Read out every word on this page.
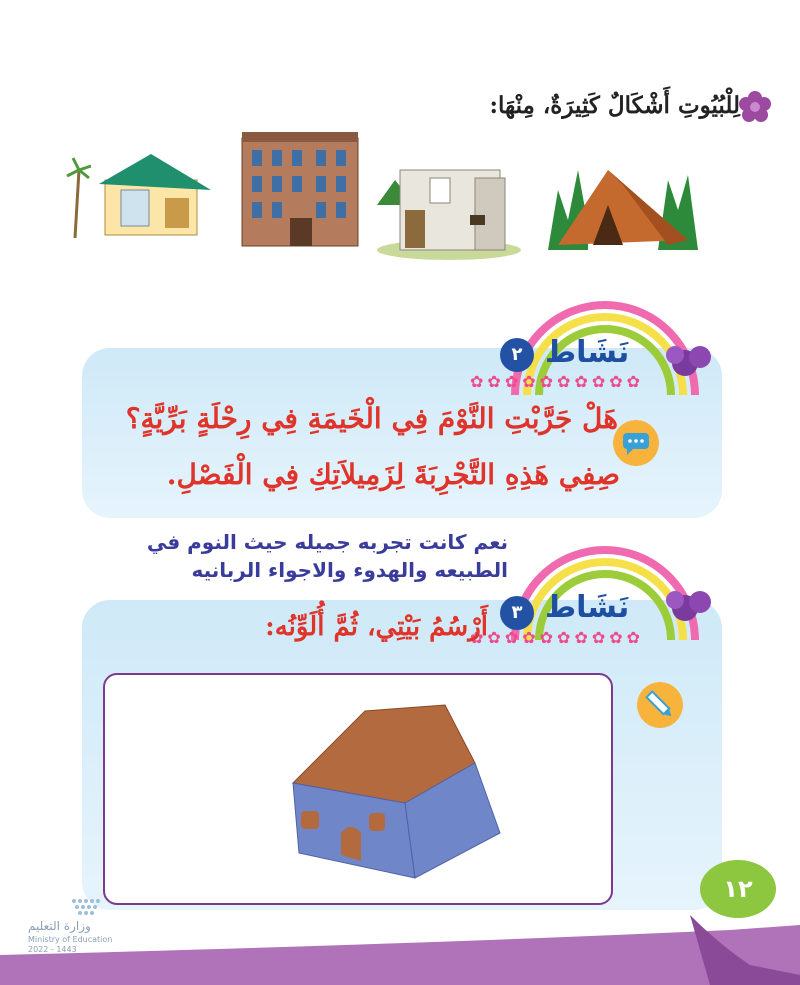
لِلْبُيُوتِ أَشْكَالٌ كَثِيرَةٌ، مِنْهَا:
نَشَاط
٢
✿✿✿✿✿✿✿✿✿✿
هَلْ جَرَّبْتِ النَّوْمَ فِي الْخَيمَةِ فِي رِحْلَةٍ بَرِّيَّةٍ؟
صِفِي هَذِهِ التَّجْرِبَةَ لِزَمِيلاَتِكِ فِي الْفَصْلِ.
نعم كانت تجربه جميله حيث النوم في
الطبيعه والهدوء والاجواء الربانيه
نَشَاط
٣
✿✿✿✿✿✿✿✿✿✿
أَرْسُمُ بَيْتِي، ثُمَّ أُلَوِّنُه:
١٢
وزارة التعليم
Ministry of Education
2022 - 1443
